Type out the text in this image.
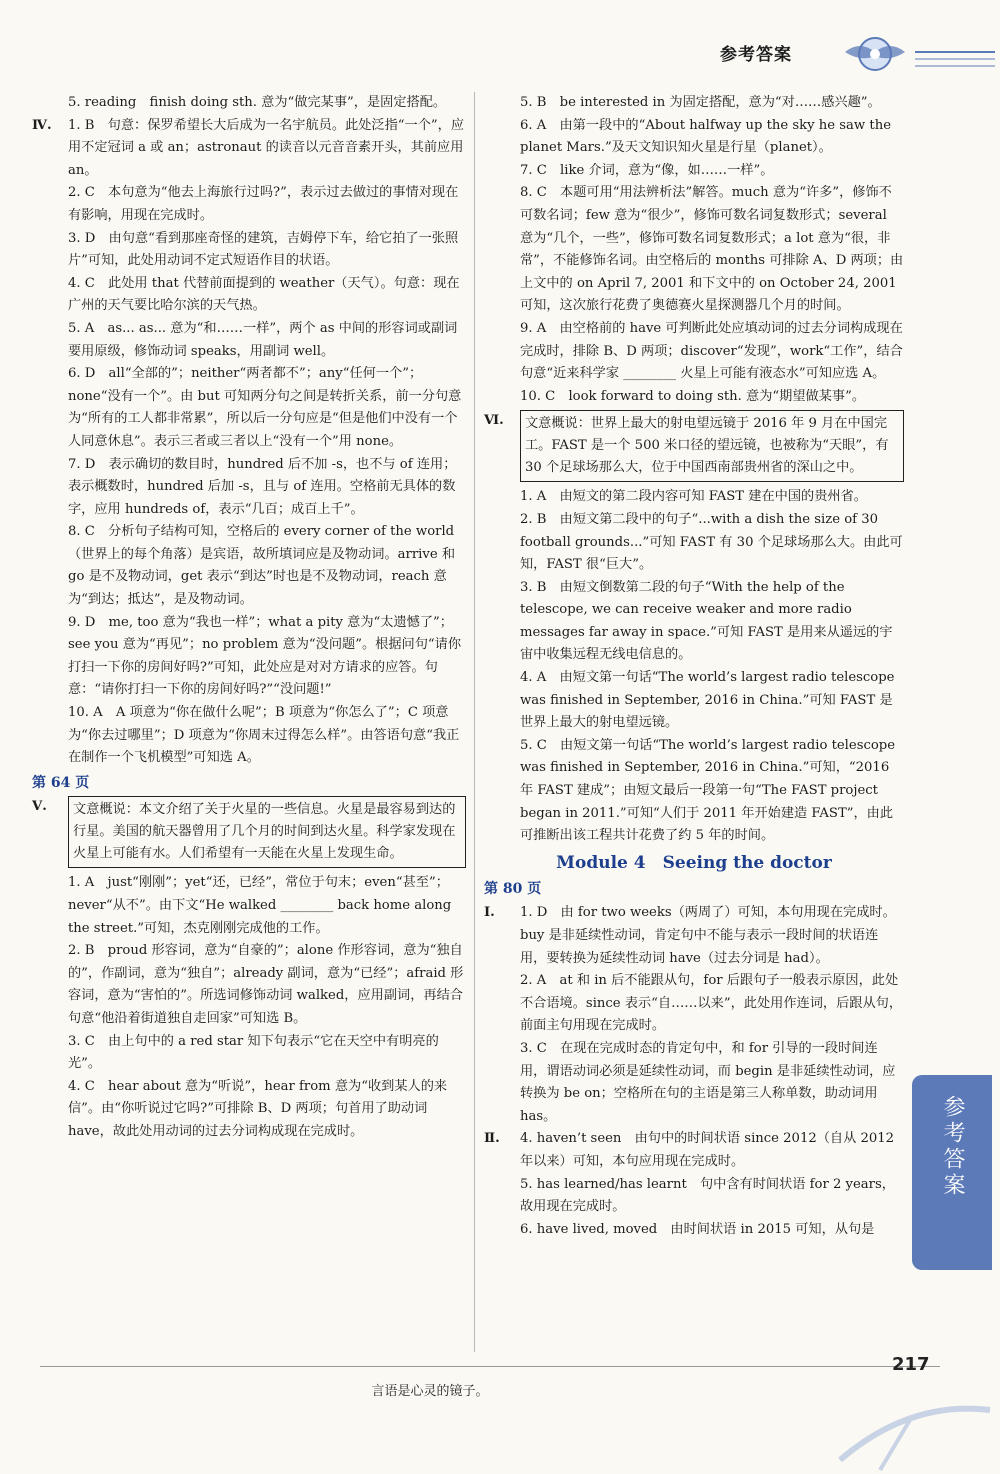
参考答案
5. reading　finish doing sth. 意为“做完某事”，是固定搭配。
Ⅳ. 1. B　句意：保罗希望长大后成为一名宇航员。此处泛指“一个”，应用不定冠词 a 或 an；astronaut 的读音以元音音素开头，其前应用 an。
2. C　本句意为“他去上海旅行过吗?”，表示过去做过的事情对现在有影响，用现在完成时。
3. D　由句意“看到那座奇怪的建筑，吉姆停下车，给它拍了一张照片”可知，此处用动词不定式短语作目的状语。
4. C　此处用 that 代替前面提到的 weather（天气）。句意：现在广州的天气要比哈尔滨的天气热。
5. A　as... as... 意为“和……一样”，两个 as 中间的形容词或副词要用原级，修饰动词 speaks，用副词 well。
6. D　all“全部的”；neither“两者都不”；any“任何一个”；none“没有一个”。由 but 可知两分句之间是转折关系，前一分句意为“所有的工人都非常累”，所以后一分句应是“但是他们中没有一个人同意休息”。表示三者或三者以上“没有一个”用 none。
7. D　表示确切的数目时，hundred 后不加 -s，也不与 of 连用；表示概数时，hundred 后加 -s，且与 of 连用。空格前无具体的数字，应用 hundreds of，表示“几百；成百上千”。
8. C　分析句子结构可知，空格后的 every corner of the world（世界上的每个角落）是宾语，故所填词应是及物动词。arrive 和 go 是不及物动词，get 表示“到达”时也是不及物动词，reach 意为“到达；抵达”，是及物动词。
9. D　me, too 意为“我也一样”；what a pity 意为“太遗憾了”；see you 意为“再见”；no problem 意为“没问题”。根据问句“请你打扫一下你的房间好吗?”可知，此处应是对对方请求的应答。句意：“请你打扫一下你的房间好吗?”“没问题!”
10. A　A 项意为“你在做什么呢”；B 项意为“你怎么了”；C 项意为“你去过哪里”；D 项意为“你周末过得怎么样”。由答语句意“我正在制作一个飞机模型”可知选 A。
第 64 页
Ⅴ.	文意概说：本文介绍了关于火星的一些信息。火星是最容易到达的行星。美国的航天器曾用了几个月的时间到达火星。科学家发现在火星上可能有水。人们希望有一天能在火星上发现生命。
1. A　just“刚刚”；yet“还，已经”，常位于句末；even“甚至”；never“从不”。由下文“He walked ________ back home along the street.”可知，杰克刚刚完成他的工作。
2. B　proud 形容词，意为“自豪的”；alone 作形容词，意为“独自的”，作副词，意为“独自”；already 副词，意为“已经”；afraid 形容词，意为“害怕的”。所选词修饰动词 walked，应用副词，再结合句意“他沿着街道独自走回家”可知选 B。
3. C　由上句中的 a red star 知下句表示“它在天空中有明亮的光”。
4. C　hear about 意为“听说”，hear from 意为“收到某人的来信”。由“你听说过它吗?”可排除 B、D 两项；句首用了助动词 have，故此处用动词的过去分词构成现在完成时。
5. B　be interested in 为固定搭配，意为“对……感兴趣”。
6. A　由第一段中的“About halfway up the sky he saw the planet Mars.”及天文知识知火星是行星（planet）。
7. C　like 介词，意为“像，如……一样”。
8. C　本题可用“用法辨析法”解答。much 意为“许多”，修饰不可数名词；few 意为“很少”，修饰可数名词复数形式；several 意为“几个，一些”，修饰可数名词复数形式；a lot 意为“很，非常”，不能修饰名词。由空格后的 months 可排除 A、D 两项；由上文中的 on April 7, 2001 和下文中的 on October 24, 2001 可知，这次旅行花费了奥德赛火星探测器几个月的时间。
9. A　由空格前的 have 可判断此处应填动词的过去分词构成现在完成时，排除 B、D 两项；discover“发现”，work“工作”，结合句意“近来科学家 ________ 火星上可能有液态水”可知应选 A。
10. C　look forward to doing sth. 意为“期望做某事”。
Ⅵ.	文意概说：世界上最大的射电望远镜于 2016 年 9 月在中国完工。FAST 是一个 500 米口径的望远镜，也被称为“天眼”，有 30 个足球场那么大，位于中国西南部贵州省的深山之中。
1. A　由短文的第二段内容可知 FAST 建在中国的贵州省。
2. B　由短文第二段中的句子“...with a dish the size of 30 football grounds...”可知 FAST 有 30 个足球场那么大。由此可知，FAST 很“巨大”。
3. B　由短文倒数第二段的句子“With the help of the telescope, we can receive weaker and more radio messages far away in space.”可知 FAST 是用来从遥远的宇宙中收集远程无线电信息的。
4. A　由短文第一句话“The world’s largest radio telescope was finished in September, 2016 in China.”可知 FAST 是世界上最大的射电望远镜。
5. C　由短文第一句话“The world’s largest radio telescope was finished in September, 2016 in China.”可知，“2016 年 FAST 建成”；由短文最后一段第一句“The FAST project began in 2011.”可知“人们于 2011 年开始建造 FAST”，由此可推断出该工程共计花费了约 5 年的时间。
Module 4　Seeing the doctor
第 80 页
Ⅰ. 1. D　由 for two weeks（两周了）可知，本句用现在完成时。buy 是非延续性动词，肯定句中不能与表示一段时间的状语连用，要转换为延续性动词 have（过去分词是 had）。
2. A　at 和 in 后不能跟从句，for 后跟句子一般表示原因，此处不合语境。since 表示“自……以来”，此处用作连词，后跟从句，前面主句用现在完成时。
3. C　在现在完成时态的肯定句中，和 for 引导的一段时间连用，谓语动词必须是延续性动词，而 begin 是非延续性动词，应转换为 be on；空格所在句的主语是第三人称单数，助动词用 has。
Ⅱ. 4. haven’t seen　由句中的时间状语 since 2012（自从 2012 年以来）可知，本句应用现在完成时。
5. has learned/has learnt　句中含有时间状语 for 2 years，故用现在完成时。
6. have lived, moved　由时间状语 in 2015 可知，从句是
参考答案
言语是心灵的镜子。
217
